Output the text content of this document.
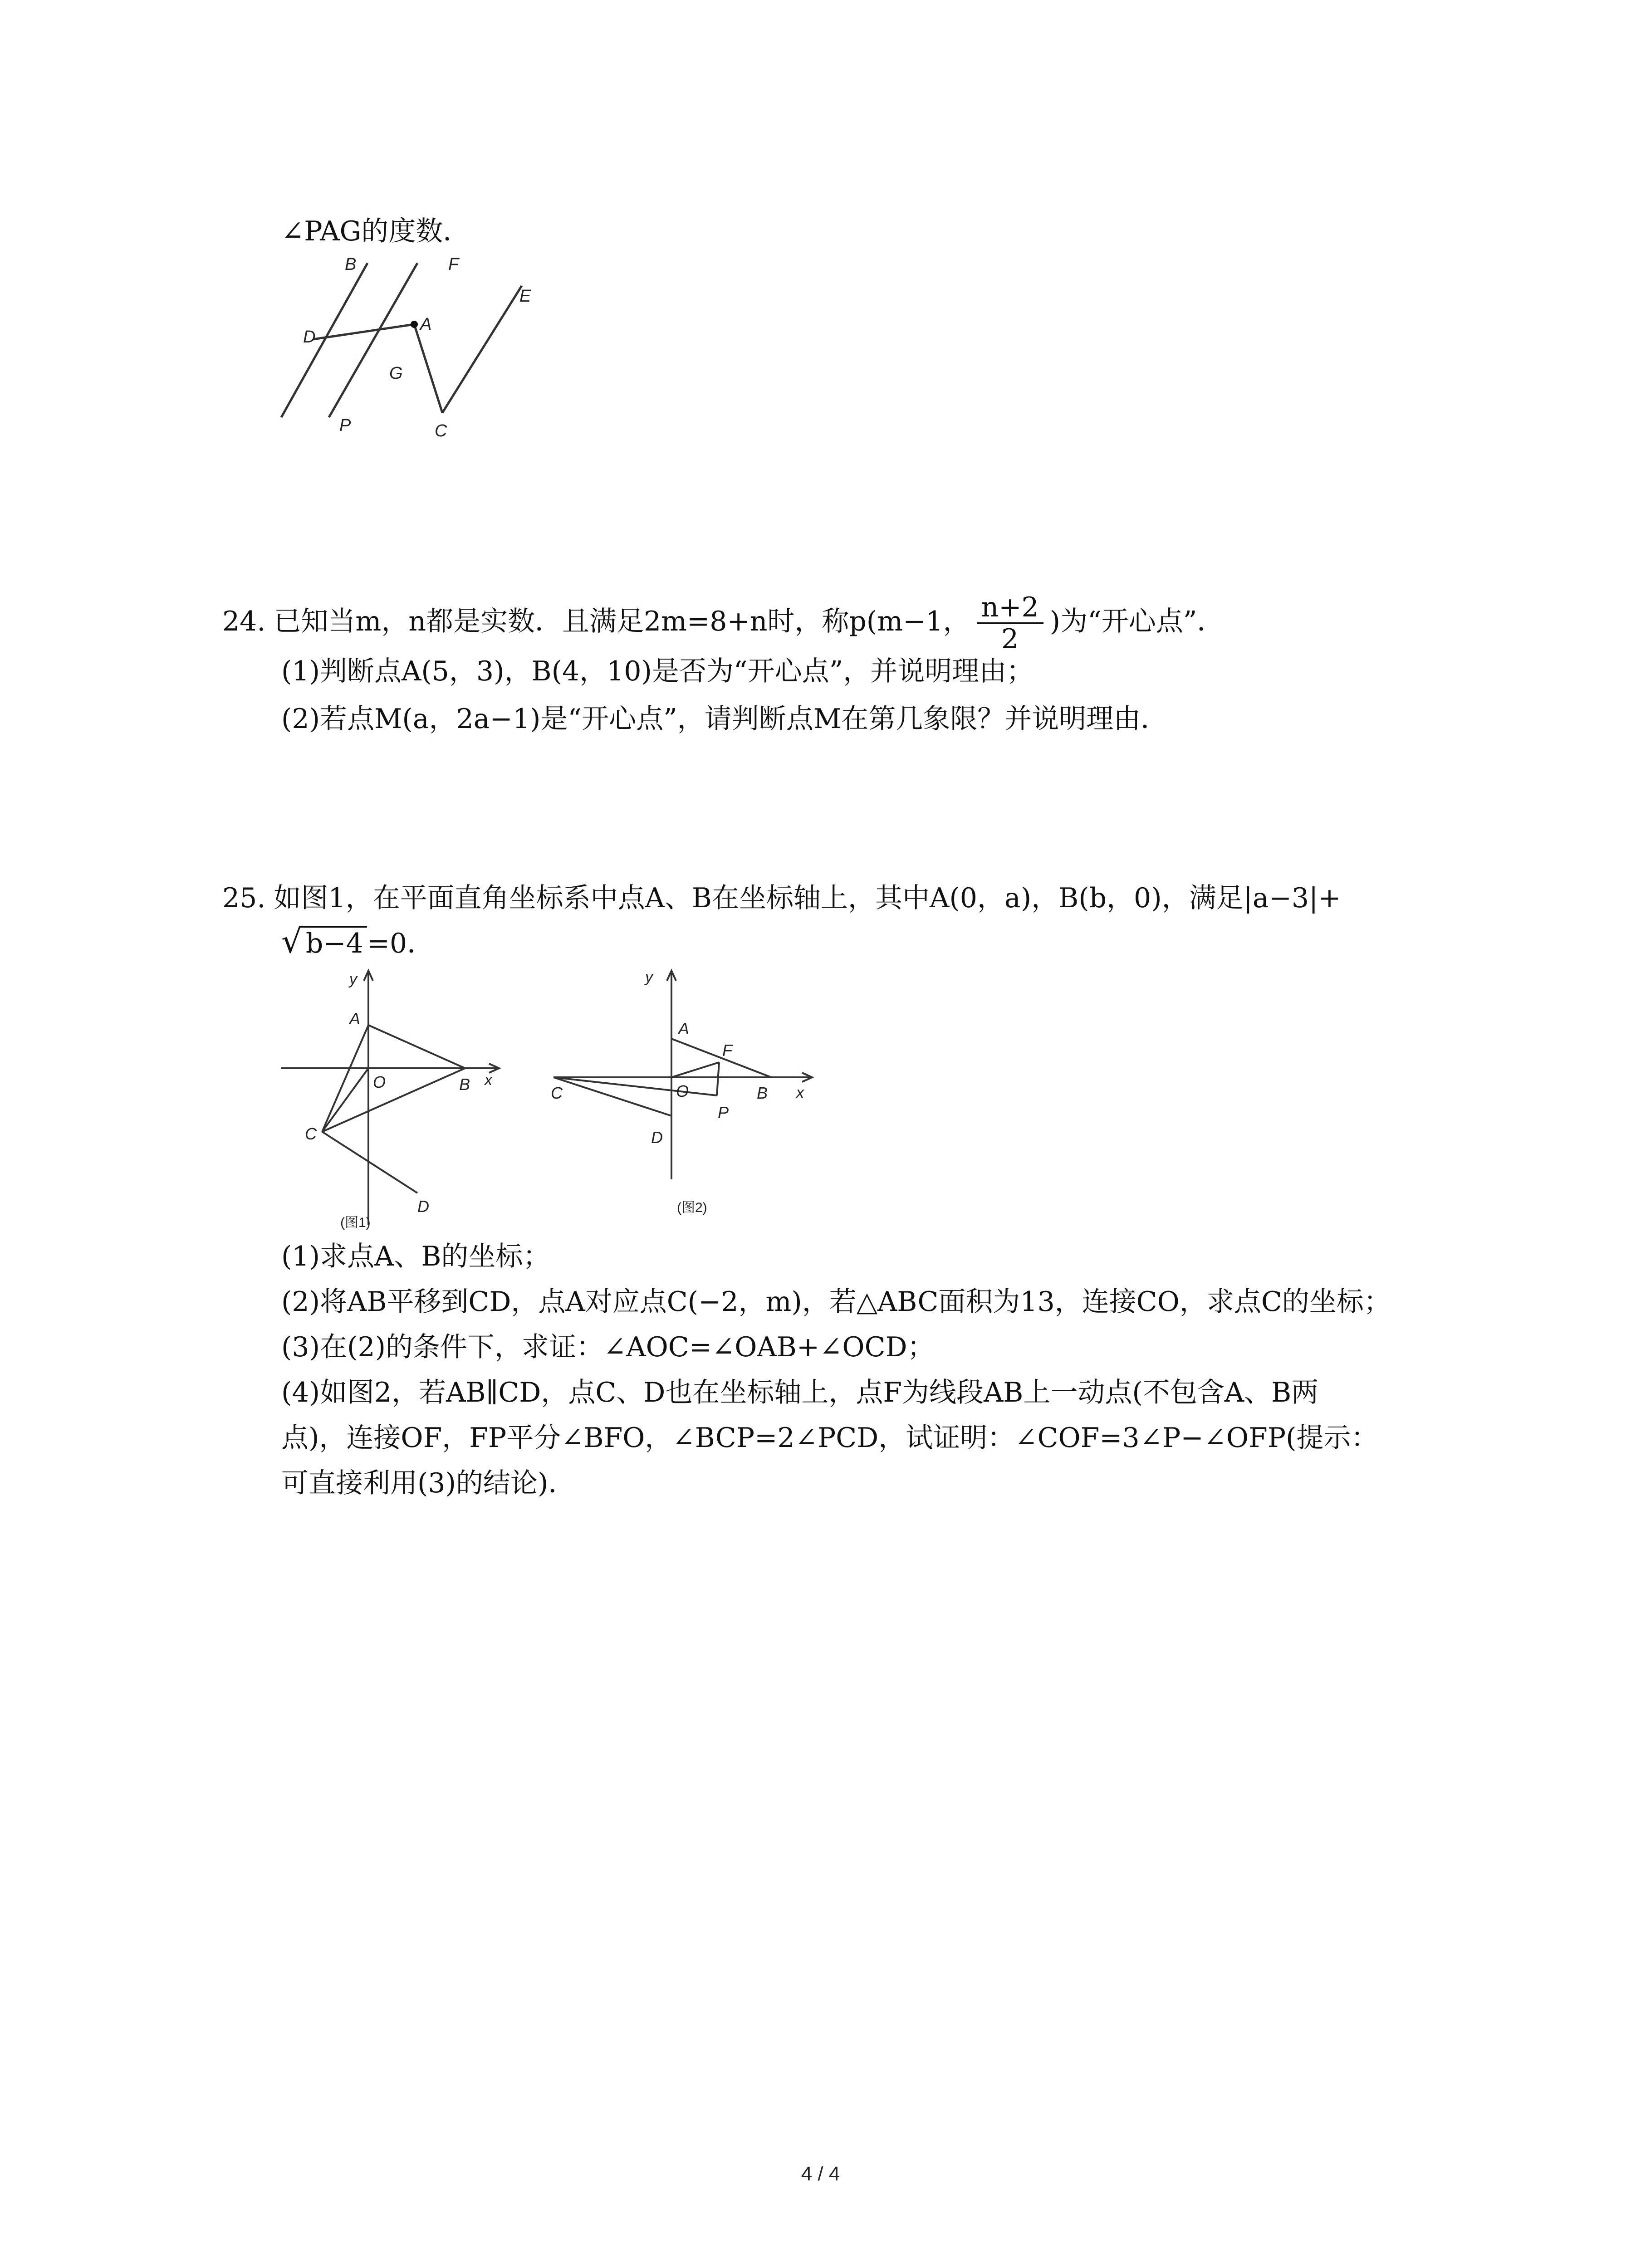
∠PAG的度数．
B	F
E
D
A
G
P	C
24. 已知当m，n都是实数．且满足2m=8+n时，称p(m−1， $\frac{n+2}{2}$ )为“开心点”．
(1)判断点A(5，3)，B(4，10)是否为“开心点”，并说明理由；
(2)若点M(a，2a−1)是“开心点”，请判断点M在第几象限？并说明理由．
25. 如图1，在平面直角坐标系中点A、B在坐标轴上，其中A(0，a)，B(b，0)，满足|a−3|+
√ b−4 =0．
y
x
A
O	B
C
D
(图1)
y
x
A
F
C	O	B
P
D
(图2)
(1)求点A、B的坐标；
(2)将AB平移到CD，点A对应点C(−2，m)，若△ABC面积为13，连接CO，求点C的坐标；
(3)在(2)的条件下，求证：∠AOC=∠OAB+∠OCD；
(4)如图2，若AB∥CD，点C、D也在坐标轴上，点F为线段AB上一动点(不包含A、B两
点)，连接OF，FP平分∠BFO，∠BCP=2∠PCD，试证明：∠COF=3∠P−∠OFP(提示：
可直接利用(3)的结论)．
4 / 4
